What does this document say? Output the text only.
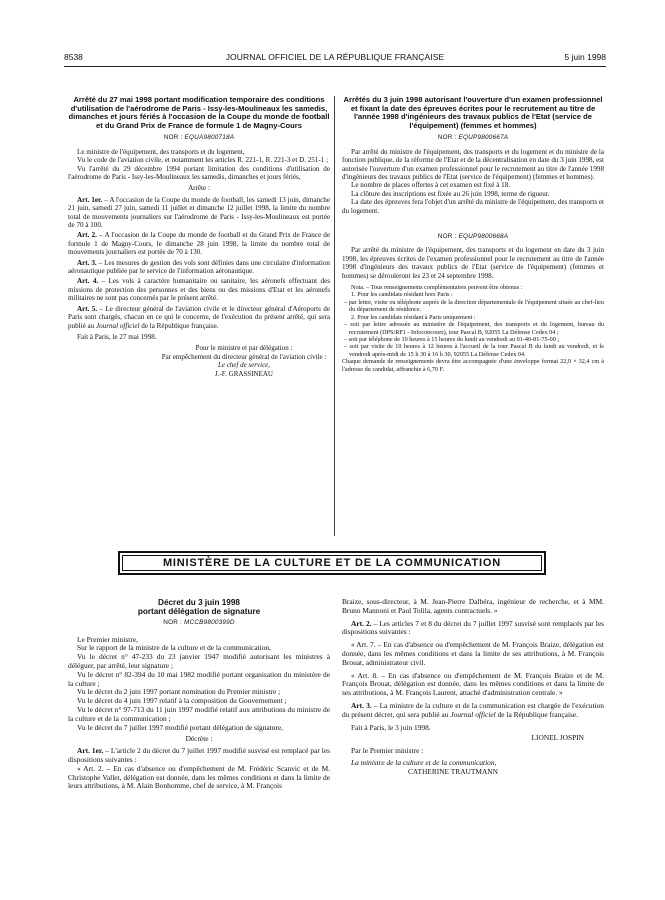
8538	JOURNAL OFFICIEL DE LA RÉPUBLIQUE FRANÇAISE	5 juin 1998
Arrêté du 27 mai 1998 portant modification temporaire des conditions d'utilisation de l'aérodrome de Paris - Issy-les-Moulineaux les samedis, dimanches et jours fériés à l'occasion de la Coupe du monde de football et du Grand Prix de France de formule 1 de Magny-Cours
NOR : EQUA9800718A

Le ministre de l'équipement, des transports et du logement,

Vu le code de l'aviation civile, et notamment les articles R. 221-1, R. 221-3 et D. 251-1 ;

Vu l'arrêté du 29 décembre 1994 portant limitation des conditions d'utilisation de l'aérodrome de Paris - Issy-les-Moulineaux les samedis, dimanches et jours fériés,

Arrête :

Art. 1er. – A l'occasion de la Coupe du monde de football, les samedi 13 juin, dimanche 21 juin, samedi 27 juin, samedi 11 juillet et dimanche 12 juillet 1998, la limite du nombre total de mouvements journaliers sur l'aérodrome de Paris - Issy-les-Moulineaux est portée de 70 à 100.

Art. 2. – A l'occasion de la Coupe du monde de football et du Grand Prix de France de formule 1 de Magny-Cours, le dimanche 28 juin 1998, la limite du nombre total de mouvements journaliers est portée de 70 à 130.

Art. 3. – Les mesures de gestion des vols sont définies dans une circulaire d'information aéronautique publiée par le service de l'information aéronautique.

Art. 4. – Les vols à caractère humanitaire ou sanitaire, les aéronefs effectuant des missions de protection des personnes et des biens ou des missions d'Etat et les aéronefs militaires ne sont pas concernés par le présent arrêté.

Art. 5. – Le directeur général de l'aviation civile et le directeur général d'Aéroports de Paris sont chargés, chacun en ce qui le concerne, de l'exécution du présent arrêté, qui sera publié au Journal officiel de la République française.

Fait à Paris, le 27 mai 1998.

Pour le ministre et par délégation :
Par empêchement du directeur général de l'aviation civile :
Le chef de service,
J.-F. GRASSINEAU
Arrêtés du 3 juin 1998 autorisant l'ouverture d'un examen professionnel et fixant la date des épreuves écrites pour le recrutement au titre de l'année 1998 d'ingénieurs des travaux publics de l'Etat (service de l'équipement) (femmes et hommes)
NOR : EQUP9800667A

Par arrêté du ministre de l'équipement, des transports et du logement et du ministre de la fonction publique, de la réforme de l'Etat et de la décentralisation en date du 3 juin 1998, est autorisée l'ouverture d'un examen professionnel pour le recrutement au titre de l'année 1998 d'ingénieurs des travaux publics de l'Etat (service de l'équipement) (femmes et hommes).

Le nombre de places offertes à cet examen est fixé à 18.

La clôture des inscriptions est fixée au 26 juin 1998, terme de rigueur.

La date des épreuves fera l'objet d'un arrêté du ministre de l'équipement, des transports et du logement.

NOR : EQUP9800668A

Par arrêté du ministre de l'équipement, des transports et du logement en date du 3 juin 1998, les épreuves écrites de l'examen professionnel pour le recrutement au titre de l'année 1998 d'ingénieurs des travaux publics de l'Etat (service de l'équipement) (femmes et hommes) se dérouleront les 23 et 24 septembre 1998.

Nota. – Tous renseignements complémentaires peuvent être obtenus :

1. Pour les candidats résidant hors Paris :

– par lettre, visite ou téléphone auprès de la direction départementale de l'équipement située au chef-lieu du département de résidence.

2. Pour les candidats résidant à Paris uniquement :

– soit par lettre adressée au ministère de l'équipement, des transports et du logement, bureau du recrutement (DPS/RF1 - Infoconcours), tour Pascal B, 92055 La Défense Cedex 04 ;

– soit par téléphone de 10 heures à 15 heures du lundi au vendredi au 01-40-81-75-00 ;

– soit par visite de 10 heures à 12 heures à l'accueil de la tour Pascal B du lundi au vendredi, et le vendredi après-midi de 15 h 30 à 16 h 30, 92055 La Défense Cedex 04.

Chaque demande de renseignements devra être accompagnée d'une enveloppe format 22,9 × 32,4 cm à l'adresse du candidat, affranchie à 6,70 F.

MINISTÈRE DE LA CULTURE ET DE LA COMMUNICATION
Décret du 3 juin 1998
portant délégation de signature
NOR : MCCB9800399D

Le Premier ministre,

Sur le rapport de la ministre de la culture et de la communication,

Vu le décret n° 47-233 du 23 janvier 1947 modifié autorisant les ministres à déléguer, par arrêté, leur signature ;

Vu le décret n° 82-394 du 10 mai 1982 modifié portant organisation du ministère de la culture ;

Vu le décret du 2 juin 1997 portant nomination du Premier ministre ;

Vu le décret du 4 juin 1997 relatif à la composition du Gouvernement ;

Vu le décret n° 97-713 du 11 juin 1997 modifié relatif aux attributions du ministre de la culture et de la communication ;

Vu le décret du 7 juillet 1997 modifié portant délégation de signature,

Décrète :

Art. 1er. – L'article 2 du décret du 7 juillet 1997 modifié susvisé est remplacé par les dispositions suivantes :

« Art. 2. – En cas d'absence ou d'empêchement de M. Frédéric Scanvic et de M. Christophe Vallet, délégation est donnée, dans les mêmes conditions et dans la limite de leurs attributions, à M. Alain Bonhomme, chef de service, à M. François

Braize, sous-directeur, à M. Jean-Pierre Dalbéra, ingénieur de recherche, et à MM. Bruno Mannoni et Paul Tolila, agents contractuels. »

Art. 2. – Les articles 7 et 8 du décret du 7 juillet 1997 susvisé sont remplacés par les dispositions suivantes :

« Art. 7. – En cas d'absence ou d'empêchement de M. François Braize, délégation est donnée, dans les mêmes conditions et dans la limite de ses attributions, à M. François Brouat, administrateur civil.

« Art. 8. – En cas d'absence ou d'empêchement de M. François Braize et de M. François Brouat, délégation est donnée, dans les mêmes conditions et dans la limite de ses attributions, à M. François Laurent, attaché d'administration centrale. »

Art. 3. – La ministre de la culture et de la communication est chargée de l'exécution du présent décret, qui sera publié au Journal officiel de la République française.

Fait à Paris, le 3 juin 1998.

LIONEL JOSPIN

Par le Premier ministre :

La ministre de la culture et de la communication,

CATHERINE TRAUTMANN
